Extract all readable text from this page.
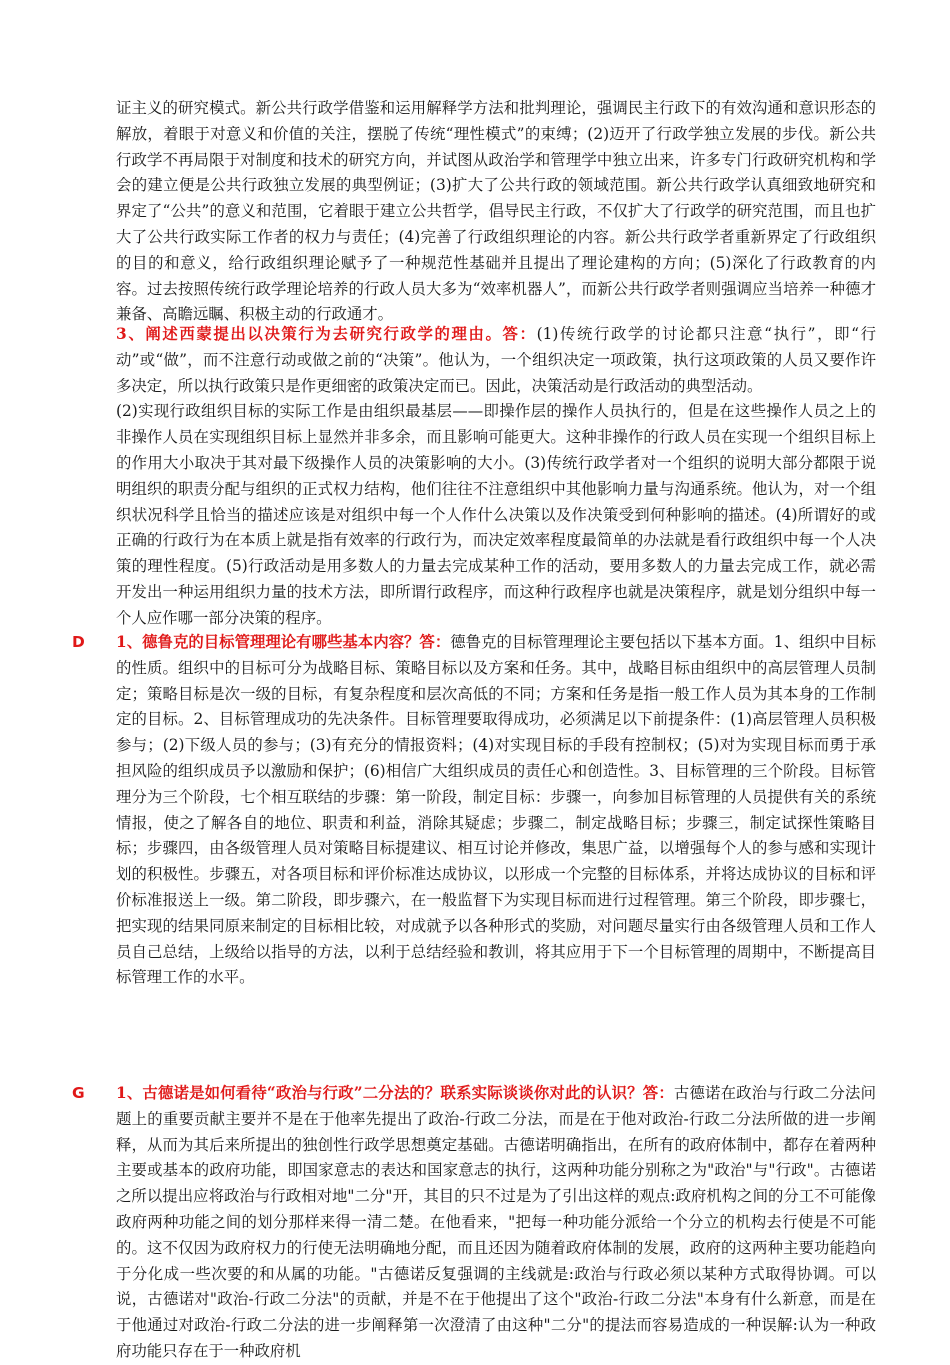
证主义的研究模式。新公共行政学借鉴和运用解释学方法和批判理论，强调民主行政下的有效沟通和意识形态的解放，着眼于对意义和价值的关注，摆脱了传统“理性模式”的束缚；(2)迈开了行政学独立发展的步伐。新公共行政学不再局限于对制度和技术的研究方向，并试图从政治学和管理学中独立出来，许多专门行政研究机构和学会的建立便是公共行政独立发展的典型例证；(3)扩大了公共行政的领域范围。新公共行政学认真细致地研究和界定了“公共”的意义和范围，它着眼于建立公共哲学，倡导民主行政，不仅扩大了行政学的研究范围，而且也扩大了公共行政实际工作者的权力与责任；(4)完善了行政组织理论的内容。新公共行政学者重新界定了行政组织的目的和意义，给行政组织理论赋予了一种规范性基础并且提出了理论建构的方向；(5)深化了行政教育的内容。过去按照传统行政学理论培养的行政人员大多为“效率机器人”，而新公共行政学者则强调应当培养一种德才兼备、高瞻远瞩、积极主动的行政通才。

3、阐述西蒙提出以决策行为去研究行政学的理由。答：(1)传统行政学的讨论都只注意“执行”，即“行动”或“做”，而不注意行动或做之前的“决策”。他认为，一个组织决定一项政策，执行这项政策的人员又要作许多决定，所以执行政策只是作更细密的政策决定而已。因此，决策活动是行政活动的典型活动。

(2)实现行政组织目标的实际工作是由组织最基层——即操作层的操作人员执行的，但是在这些操作人员之上的非操作人员在实现组织目标上显然并非多余，而且影响可能更大。这种非操作的行政人员在实现一个组织目标上的作用大小取决于其对最下级操作人员的决策影响的大小。(3)传统行政学者对一个组织的说明大部分都限于说明组织的职责分配与组织的正式权力结构，他们往往不注意组织中其他影响力量与沟通系统。他认为，对一个组织状况科学且恰当的描述应该是对组织中每一个人作什么决策以及作决策受到何种影响的描述。(4)所谓好的或正确的行政行为在本质上就是指有效率的行政行为，而决定效率程度最简单的办法就是看行政组织中每一个人决策的理性程度。(5)行政活动是用多数人的力量去完成某种工作的活动，要用多数人的力量去完成工作，就必需开发出一种运用组织力量的技术方法，即所谓行政程序，而这种行政程序也就是决策程序，就是划分组织中每一个人应作哪一部分决策的程序。

D 1、德鲁克的目标管理理论有哪些基本内容？答：德鲁克的目标管理理论主要包括以下基本方面。1、组织中目标的性质。组织中的目标可分为战略目标、策略目标以及方案和任务。其中，战略目标由组织中的高层管理人员制定；策略目标是次一级的目标，有复杂程度和层次高低的不同；方案和任务是指一般工作人员为其本身的工作制定的目标。2、目标管理成功的先决条件。目标管理要取得成功，必须满足以下前提条件：(1)高层管理人员积极参与；(2)下级人员的参与；(3)有充分的情报资料；(4)对实现目标的手段有控制权；(5)对为实现目标而勇于承担风险的组织成员予以激励和保护；(6)相信广大组织成员的责任心和创造性。3、目标管理的三个阶段。目标管理分为三个阶段，七个相互联结的步骤：第一阶段，制定目标：步骤一，向参加目标管理的人员提供有关的系统情报，使之了解各自的地位、职责和利益，消除其疑虑；步骤二，制定战略目标；步骤三，制定试探性策略目标；步骤四，由各级管理人员对策略目标提建议、相互讨论并修改，集思广益，以增强每个人的参与感和实现计划的积极性。步骤五，对各项目标和评价标准达成协议，以形成一个完整的目标体系，并将达成协议的目标和评价标准报送上一级。第二阶段，即步骤六，在一般监督下为实现目标而进行过程管理。第三个阶段，即步骤七，把实现的结果同原来制定的目标相比较，对成就予以各种形式的奖励，对问题尽量实行由各级管理人员和工作人员自己总结，上级给以指导的方法，以利于总结经验和教训，将其应用于下一个目标管理的周期中，不断提高目标管理工作的水平。

G 1、古德诺是如何看待“政治与行政”二分法的？联系实际谈谈你对此的认识？答：古德诺在政治与行政二分法问题上的重要贡献主要并不是在于他率先提出了政治-行政二分法，而是在于他对政治-行政二分法所做的进一步阐释，从而为其后来所提出的独创性行政学思想奠定基础。古德诺明确指出，在所有的政府体制中，都存在着两种主要或基本的政府功能，即国家意志的表达和国家意志的执行，这两种功能分别称之为"政治"与"行政"。古德诺之所以提出应将政治与行政相对地"二分"开，其目的只不过是为了引出这样的观点:政府机构之间的分工不可能像政府两种功能之间的划分那样来得一清二楚。在他看来，"把每一种功能分派给一个分立的机构去行使是不可能的。这不仅因为政府权力的行使无法明确地分配，而且还因为随着政府体制的发展，政府的这两种主要功能趋向于分化成一些次要的和从属的功能。"古德诺反复强调的主线就是:政治与行政必须以某种方式取得协调。可以说，古德诺对"政治-行政二分法"的贡献，并是不在于他提出了这个"政治-行政二分法"本身有什么新意，而是在于他通过对政治-行政二分法的进一步阐释第一次澄清了由这种"二分"的提法而容易造成的一种误解:认为一种政府功能只存在于一种政府机
